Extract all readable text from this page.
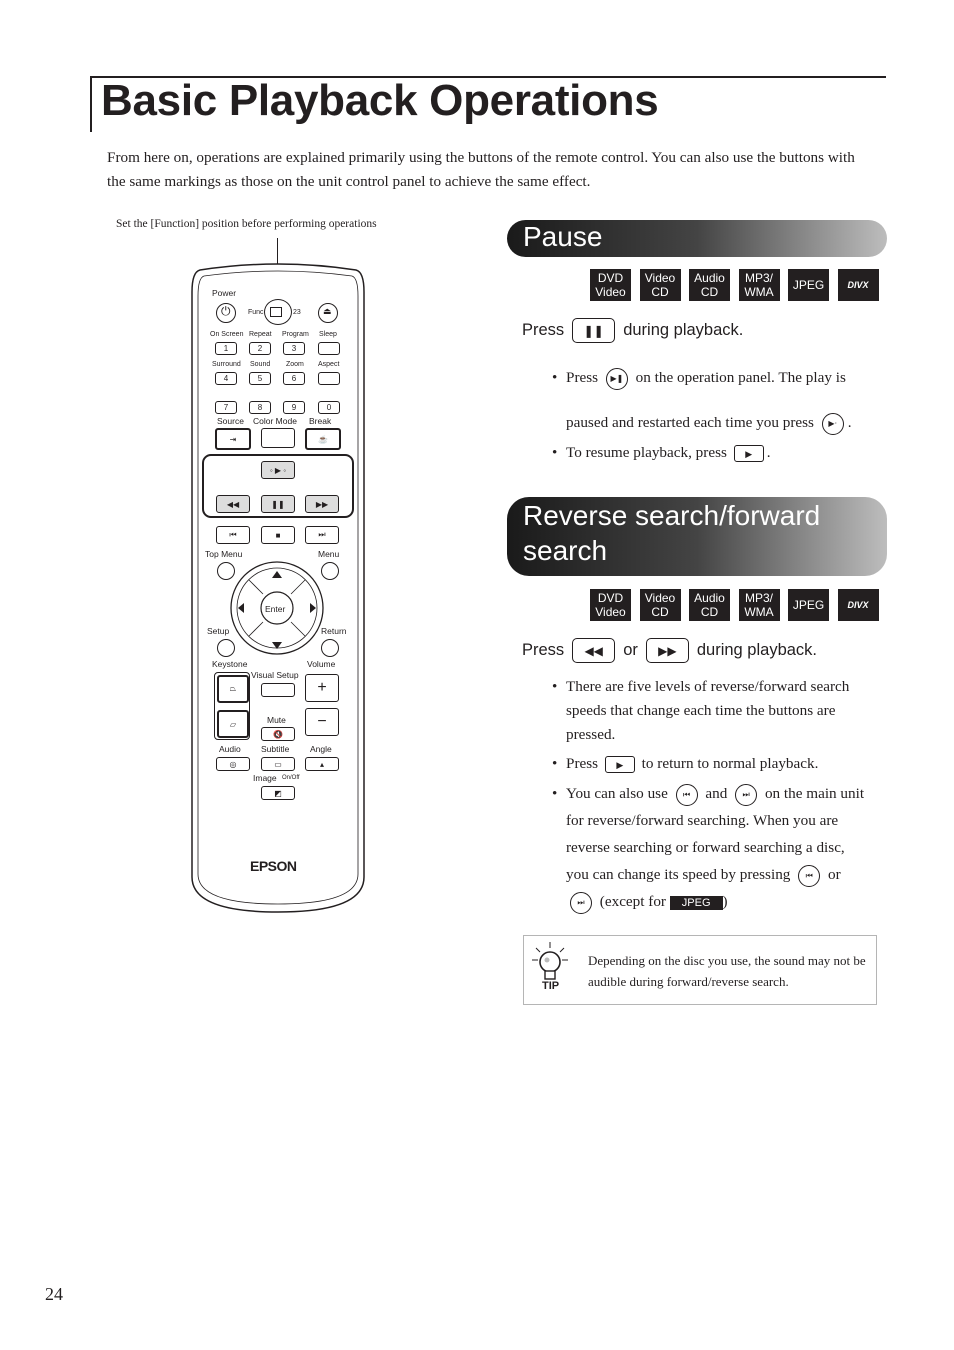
Basic Playback Operations
From here on, operations are explained primarily using the buttons of the remote control. You can also use the buttons with the same markings as those on the unit control panel to achieve the same effect.
Set the [Function] position before performing operations
Power
⏻	Func	23 ⏏
On Screen Repeat Program Sleep
1	2	3
Surround Sound Zoom Aspect
4	5	6
7	8	9	0
Source Color Mode Break
⇥	☕
◦ ▶ ◦
◀◀	❚❚	▶▶
⏮	■	⏭
Top Menu	Menu
Enter
Setup	Return
Keystone
Visual Setup
Volume
⏢
⏥
+
−
Mute
🔇
Audio Subtitle Angle
◎	▭	▴
Image On/Off
◩
EPSON
Pause
DVD Video
Video CD
Audio CD
MP3/ WMA	JPEG	DIVX
Press	❚❚	during playback.
• Press ▶❚ on the operation panel. The play is
paused and restarted each time you press ▶· .
• To resume playback, press ▶ .
Reverse search/forward search
DVD Video
Video CD
Audio CD
MP3/ WMA	JPEG	DIVX
Press	◀◀	or	▶▶	during playback.
• There are five levels of reverse/forward search speeds that change each time the buttons are pressed.
• Press ▶ to return to normal playback.
• You can also use ⏮ and ⏭ on the main unit
for reverse/forward searching. When you are
reverse searching or forward searching a disc,
you can change its speed by pressing ⏮ or
⏭ (except for JPEG )
TIP
Depending on the disc you use, the sound may not be audible during forward/reverse search.
24
